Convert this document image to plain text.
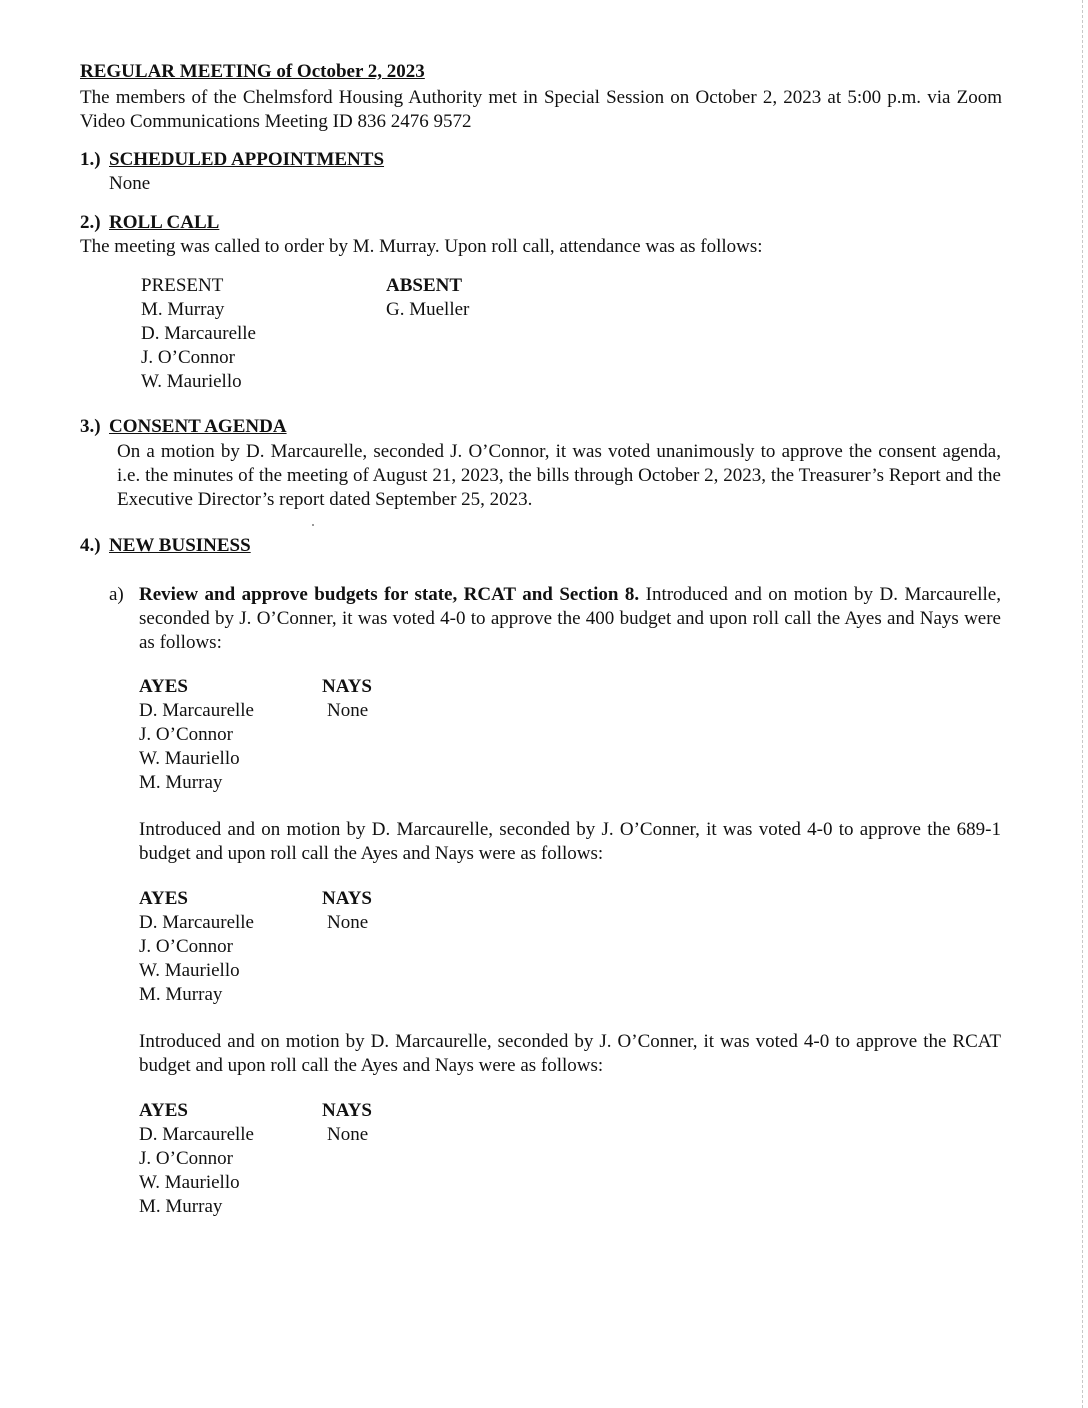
REGULAR MEETING of October 2, 2023
The members of the Chelmsford Housing Authority met in Special Session on October 2, 2023 at 5:00 p.m. via Zoom Video Communications Meeting ID 836 2476 9572
1.) SCHEDULED APPOINTMENTS
None
2.) ROLL CALL
The meeting was called to order by M. Murray. Upon roll call, attendance was as follows:
PRESENT
M. Murray
D. Marcaurelle
J. O’Connor
W. Mauriello
ABSENT
G. Mueller
3.) CONSENT AGENDA
On a motion by D. Marcaurelle, seconded J. O’Connor, it was voted unanimously to approve the consent agenda, i.e. the minutes of the meeting of August 21, 2023, the bills through October 2, 2023, the Treasurer’s Report and the Executive Director’s report dated September 25, 2023.
4.) NEW BUSINESS
a) Review and approve budgets for state, RCAT and Section 8. Introduced and on motion by D. Marcaurelle, seconded by J. O’Conner, it was voted 4-0 to approve the 400 budget and upon roll call the Ayes and Nays were as follows:
AYES
D. Marcaurelle
J. O’Connor
W. Mauriello
M. Murray
NAYS
None
Introduced and on motion by D. Marcaurelle, seconded by J. O’Conner, it was voted 4-0 to approve the 689-1 budget and upon roll call the Ayes and Nays were as follows:
AYES
D. Marcaurelle
J. O’Connor
W. Mauriello
M. Murray
NAYS
None
Introduced and on motion by D. Marcaurelle, seconded by J. O’Conner, it was voted 4-0 to approve the RCAT budget and upon roll call the Ayes and Nays were as follows:
AYES
D. Marcaurelle
J. O’Connor
W. Mauriello
M. Murray
NAYS
None
